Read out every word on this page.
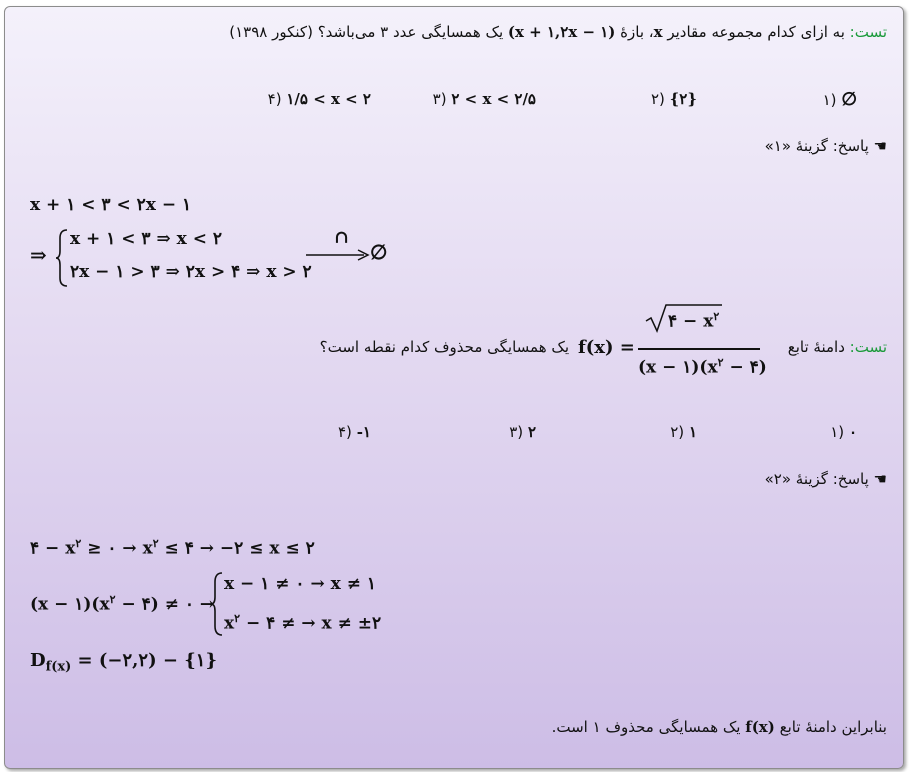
تست: به ازای کدام مجموعه مقادیر x، بازهٔ (x + ۱,۲x − ۱) یک همسایگی عدد ۳ می‌باشد؟ (کنکور ۱۳۹۸)
۱) ∅
۲) {۲}
۳) ۲ < x < ۲/۵
۴) ۱/۵ < x < ۲
☚ پاسخ: گزینهٔ «۱»
x + ۱ < ۳ < ۲x − ۱
⇒
x + ۱ < ۳ ⇒ x < ۲
۲x − ۱ > ۳ ⇒ ۲x > ۴ ⇒ x > ۲
∩
∅
تست: دامنهٔ تابع
یک همسایگی محذوف کدام نقطه است؟ f(x) =
۴ − $x^۲$
$(x - ۱)(x^۲$ − ۴)
۱) ۰
۲) ۱
۳) ۲
۴) -۱
☚ پاسخ: گزینهٔ «۲»
۴ − $x^۲$ ≥ ۰ → $x^۲$ ≤ ۴ → −۲ ≤ x ≤ ۲
$(x - ۱)(x^۲$ − ۴) ≠ ۰ →
x − ۱ ≠ ۰ → x ≠ ۱
$x^۲$ − ۴ ≠ → x ≠ ±۲
$D_{f(x)}$ = (−۲,۲) − {۱}
بنابراین دامنهٔ تابع f(x) یک همسایگی محذوف ۱ است.
